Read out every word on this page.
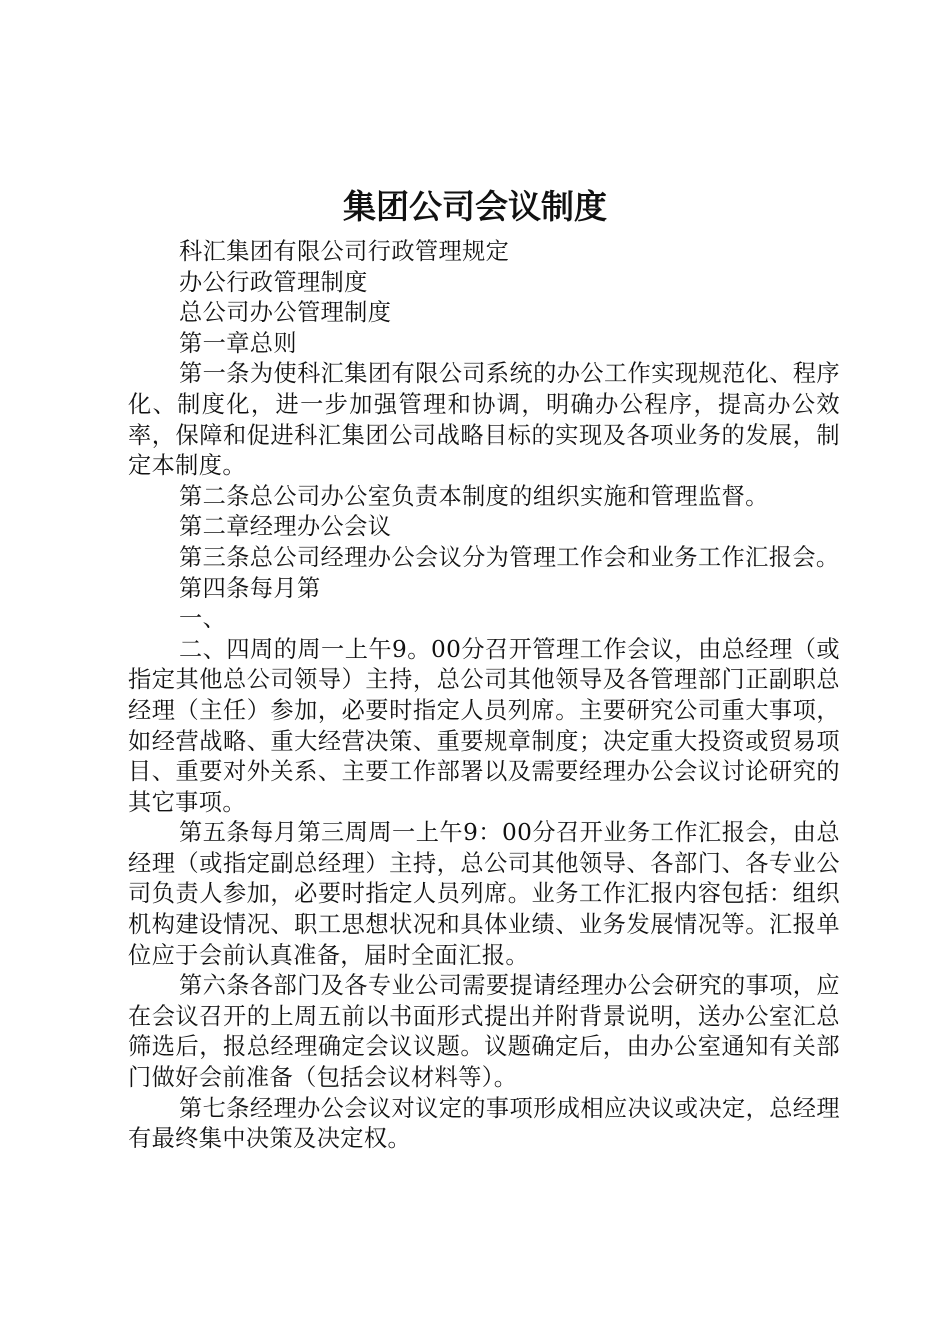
集团公司会议制度

科汇集团有限公司行政管理规定

办公行政管理制度

总公司办公管理制度

第一章总则

第一条为使科汇集团有限公司系统的办公工作实现规范化、程序化、制度化，进一步加强管理和协调，明确办公程序，提高办公效率，保障和促进科汇集团公司战略目标的实现及各项业务的发展，制定本制度。

第二条总公司办公室负责本制度的组织实施和管理监督。

第二章经理办公会议

第三条总公司经理办公会议分为管理工作会和业务工作汇报会。

第四条每月第

一、

二、四周的周一上午9。00分召开管理工作会议，由总经理（或指定其他总公司领导）主持，总公司其他领导及各管理部门正副职总经理（主任）参加，必要时指定人员列席。主要研究公司重大事项，如经营战略、重大经营决策、重要规章制度；决定重大投资或贸易项目、重要对外关系、主要工作部署以及需要经理办公会议讨论研究的其它事项。

第五条每月第三周周一上午9：00分召开业务工作汇报会，由总经理（或指定副总经理）主持，总公司其他领导、各部门、各专业公司负责人参加，必要时指定人员列席。业务工作汇报内容包括：组织机构建设情况、职工思想状况和具体业绩、业务发展情况等。汇报单位应于会前认真准备，届时全面汇报。

第六条各部门及各专业公司需要提请经理办公会研究的事项，应在会议召开的上周五前以书面形式提出并附背景说明，送办公室汇总筛选后，报总经理确定会议议题。议题确定后，由办公室通知有关部门做好会前准备（包括会议材料等）。

第七条经理办公会议对议定的事项形成相应决议或决定，总经理有最终集中决策及决定权。
